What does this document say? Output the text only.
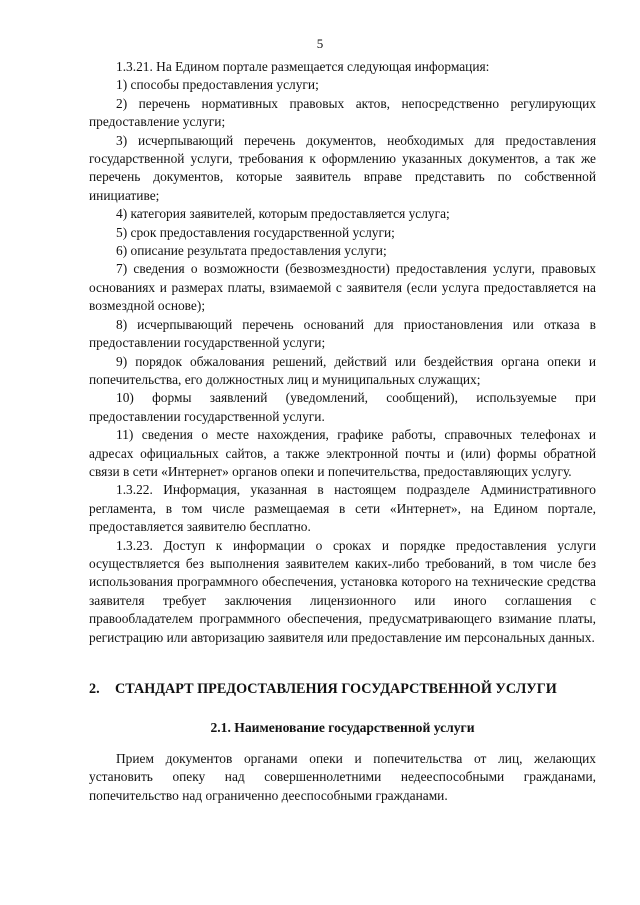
5

1.3.21. На Едином портале размещается следующая информация:

1) способы предоставления услуги;

2) перечень нормативных правовых актов, непосредственно регулирующих предоставление услуги;

3) исчерпывающий перечень документов, необходимых для предоставления государственной услуги, требования к оформлению указанных документов, а так же перечень документов, которые заявитель вправе представить по собственной инициативе;

4) категория заявителей, которым предоставляется услуга;

5) срок предоставления государственной услуги;

6) описание результата предоставления услуги;

7) сведения о возможности (безвозмездности) предоставления услуги, правовых основаниях и размерах платы, взимаемой с заявителя (если услуга предоставляется на возмездной основе);

8) исчерпывающий перечень оснований для приостановления или отказа в предоставлении государственной услуги;

9) порядок обжалования решений, действий или бездействия органа опеки и попечительства, его должностных лиц и муниципальных служащих;

10) формы заявлений (уведомлений, сообщений), используемые при предоставлении государственной услуги.

11) сведения о месте нахождения, графике работы, справочных телефонах и адресах официальных сайтов, а также электронной почты и (или) формы обратной связи в сети «Интернет» органов опеки и попечительства, предоставляющих услугу.

1.3.22. Информация, указанная в настоящем подразделе Административного регламента, в том числе размещаемая в сети «Интернет», на Едином портале, предоставляется заявителю бесплатно.

1.3.23. Доступ к информации о сроках и порядке предоставления услуги осуществляется без выполнения заявителем каких-либо требований, в том числе без использования программного обеспечения, установка которого на технические средства заявителя требует заключения лицензионного или иного соглашения с правообладателем программного обеспечения, предусматривающего взимание платы, регистрацию или авторизацию заявителя или предоставление им персональных данных.

2. СТАНДАРТ ПРЕДОСТАВЛЕНИЯ ГОСУДАРСТВЕННОЙ УСЛУГИ
2.1. Наименование государственной услуги

Прием документов органами опеки и попечительства от лиц, желающих установить опеку над совершеннолетними недееспособными гражданами, попечительство над ограниченно дееспособными гражданами.
